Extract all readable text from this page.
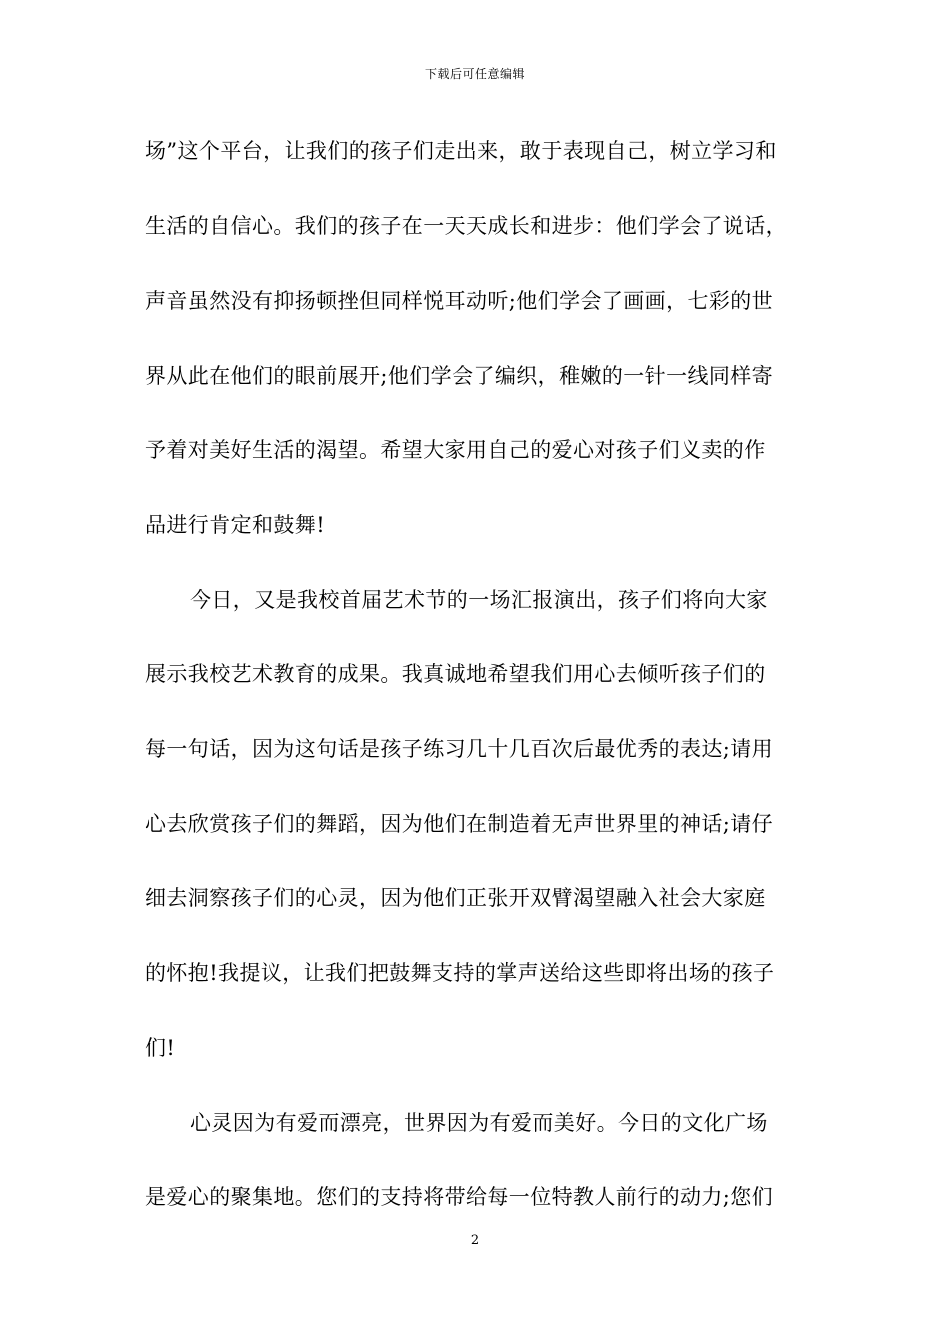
下载后可任意编辑
场”这个平台，让我们的孩子们走出来，敢于表现自己，树立学习和
生活的自信心。我们的孩子在一天天成长和进步：他们学会了说话，
声音虽然没有抑扬顿挫但同样悦耳动听;他们学会了画画，七彩的世
界从此在他们的眼前展开;他们学会了编织，稚嫩的一针一线同样寄
予着对美好生活的渴望。希望大家用自己的爱心对孩子们义卖的作
品进行肯定和鼓舞!
今日，又是我校首届艺术节的一场汇报演出，孩子们将向大家
展示我校艺术教育的成果。我真诚地希望我们用心去倾听孩子们的
每一句话，因为这句话是孩子练习几十几百次后最优秀的表达;请用
心去欣赏孩子们的舞蹈，因为他们在制造着无声世界里的神话;请仔
细去洞察孩子们的心灵，因为他们正张开双臂渴望融入社会大家庭
的怀抱!我提议，让我们把鼓舞支持的掌声送给这些即将出场的孩子
们!
心灵因为有爱而漂亮，世界因为有爱而美好。今日的文化广场
是爱心的聚集地。您们的支持将带给每一位特教人前行的动力;您们
2
